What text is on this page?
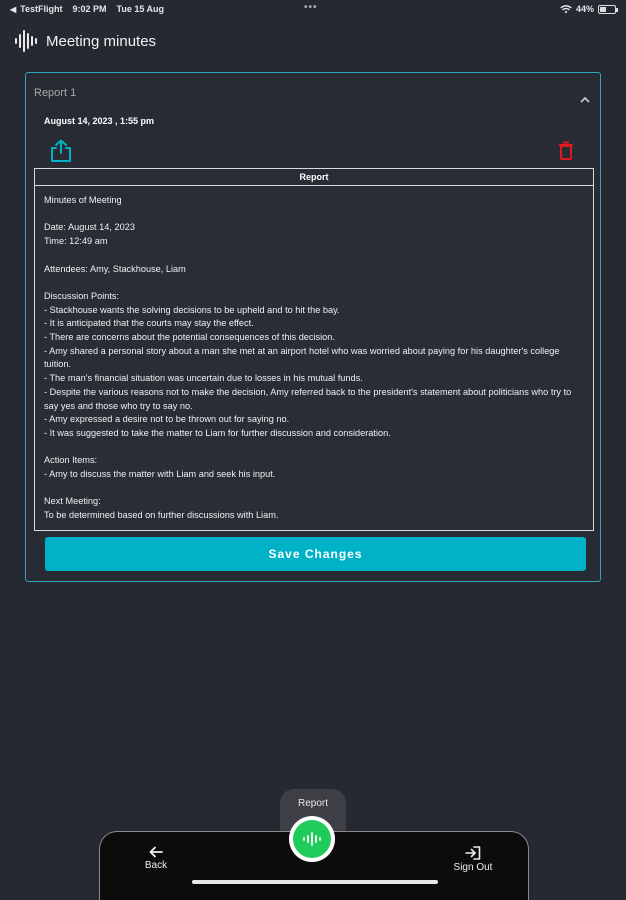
◀ TestFlight 9:02 PM Tue 15 Aug	•••	44%
Meeting minutes
Report 1
August 14, 2023 , 1:55 pm
Report
Minutes of Meeting

Date: August 14, 2023
Time: 12:49 am

Attendees: Amy, Stackhouse, Liam

Discussion Points:
- Stackhouse wants the solving decisions to be upheld and to hit the bay.
- It is anticipated that the courts may stay the effect.
- There are concerns about the potential consequences of this decision.
- Amy shared a personal story about a man she met at an airport hotel who was worried about paying for his daughter's college tuition.
- The man's financial situation was uncertain due to losses in his mutual funds.
- Despite the various reasons not to make the decision, Amy referred back to the president's statement about politicians who try to say yes and those who try to say no.
- Amy expressed a desire not to be thrown out for saying no.
- It was suggested to take the matter to Liam for further discussion and consideration.

Action Items:
- Amy to discuss the matter with Liam and seek his input.

Next Meeting:
To be determined based on further discussions with Liam.
Save Changes
Report
Back	Sign Out
